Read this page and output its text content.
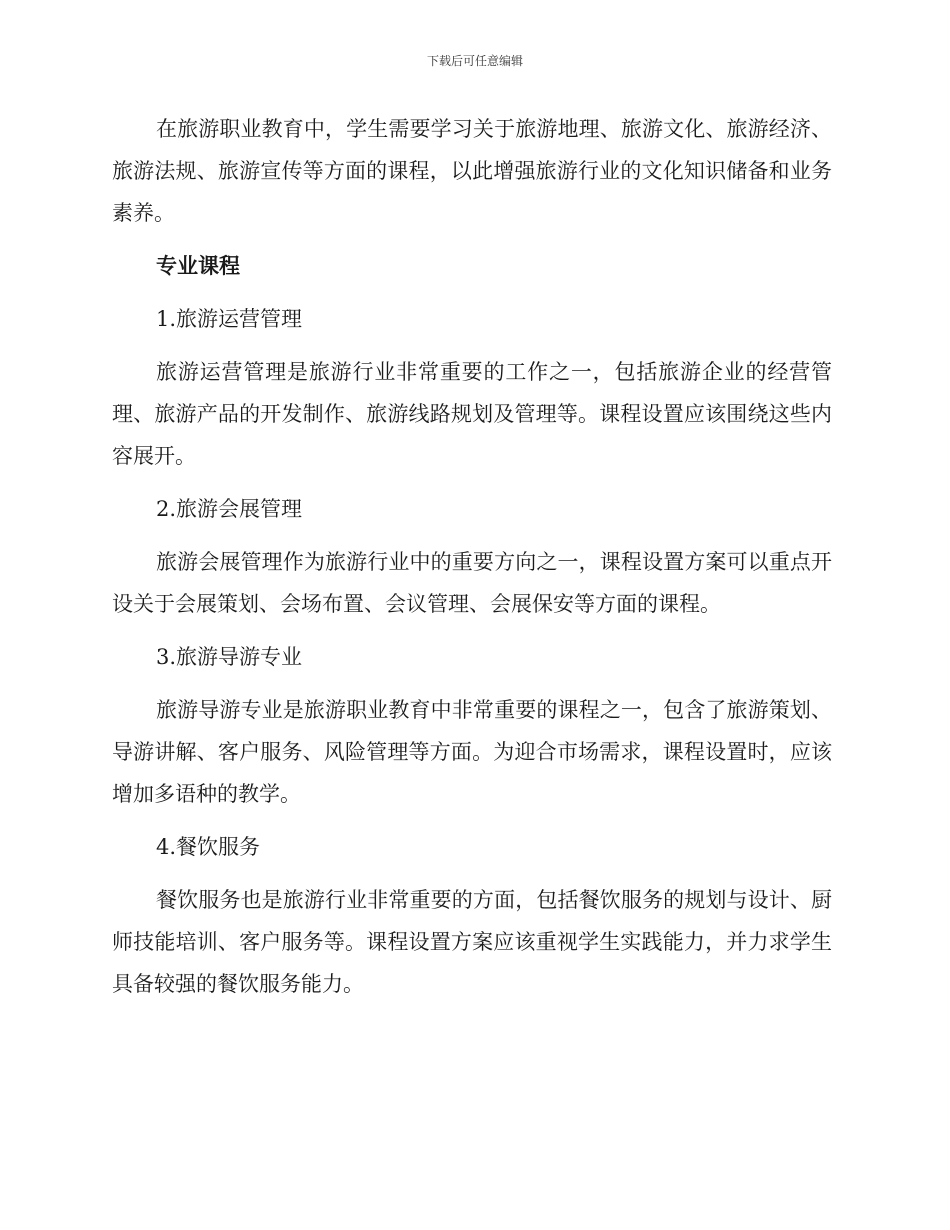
下载后可任意编辑

在旅游职业教育中，学生需要学习关于旅游地理、旅游文化、旅游经济、旅游法规、旅游宣传等方面的课程，以此增强旅游行业的文化知识储备和业务素养。

专业课程

1.旅游运营管理

旅游运营管理是旅游行业非常重要的工作之一，包括旅游企业的经营管理、旅游产品的开发制作、旅游线路规划及管理等。课程设置应该围绕这些内容展开。

2.旅游会展管理

旅游会展管理作为旅游行业中的重要方向之一，课程设置方案可以重点开设关于会展策划、会场布置、会议管理、会展保安等方面的课程。

3.旅游导游专业

旅游导游专业是旅游职业教育中非常重要的课程之一，包含了旅游策划、导游讲解、客户服务、风险管理等方面。为迎合市场需求，课程设置时，应该增加多语种的教学。

4.餐饮服务

餐饮服务也是旅游行业非常重要的方面，包括餐饮服务的规划与设计、厨师技能培训、客户服务等。课程设置方案应该重视学生实践能力，并力求学生具备较强的餐饮服务能力。
